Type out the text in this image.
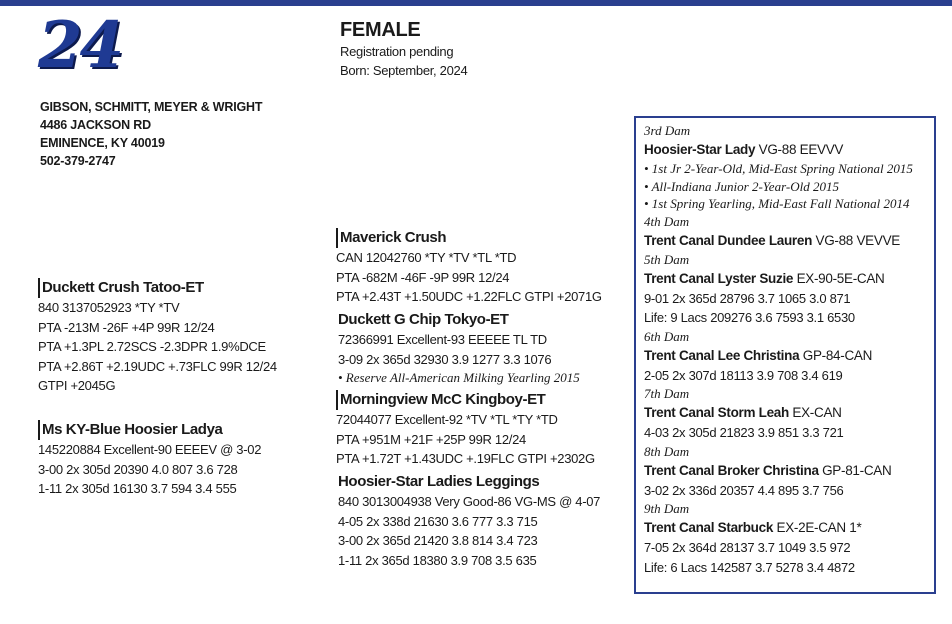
24	FEMALE
Registration pending
Born: September, 2024
GIBSON, SCHMITT, MEYER & WRIGHT
4486 JACKSON RD
EMINENCE, KY 40019
502-379-2747
Duckett Crush Tatoo-ET
840 3137052923 *TY *TV
PTA -213M -26F +4P 99R 12/24
PTA +1.3PL 2.72SCS -2.3DPR 1.9%DCE
PTA +2.86T +2.19UDC +.73FLC 99R 12/24
GTPI +2045G
Ms KY-Blue Hoosier Ladya
145220884 Excellent-90 EEEEV @ 3-02
3-00 2x 305d 20390 4.0 807 3.6 728
1-11 2x 305d 16130 3.7 594 3.4 555
Maverick Crush
CAN 12042760 *TY *TV *TL *TD
PTA -682M -46F -9P 99R 12/24
PTA +2.43T +1.50UDC +1.22FLC GTPI +2071G
Duckett G Chip Tokyo-ET
72366991 Excellent-93 EEEEE TL TD
3-09 2x 365d 32930 3.9 1277 3.3 1076
• Reserve All-American Milking Yearling 2015
Morningview McC Kingboy-ET
72044077 Excellent-92 *TV *TL *TY *TD
PTA +951M +21F +25P 99R 12/24
PTA +1.72T +1.43UDC +.19FLC GTPI +2302G
Hoosier-Star Ladies Leggings
840 3013004938 Very Good-86 VG-MS @ 4-07
4-05 2x 338d 21630 3.6 777 3.3 715
3-00 2x 365d 21420 3.8 814 3.4 723
1-11 2x 365d 18380 3.9 708 3.5 635
3rd Dam
Hoosier-Star Lady VG-88 EEVVV
• 1st Jr 2-Year-Old, Mid-East Spring National 2015
• All-Indiana Junior 2-Year-Old 2015
• 1st Spring Yearling, Mid-East Fall National 2014
4th Dam
Trent Canal Dundee Lauren VG-88 VEVVE
5th Dam
Trent Canal Lyster Suzie EX-90-5E-CAN
9-01 2x 365d 28796 3.7 1065 3.0 871
Life: 9 Lacs 209276 3.6 7593 3.1 6530
6th Dam
Trent Canal Lee Christina GP-84-CAN
2-05 2x 307d 18113 3.9 708 3.4 619
7th Dam
Trent Canal Storm Leah EX-CAN
4-03 2x 305d 21823 3.9 851 3.3 721
8th Dam
Trent Canal Broker Christina GP-81-CAN
3-02 2x 336d 20357 4.4 895 3.7 756
9th Dam
Trent Canal Starbuck EX-2E-CAN 1*
7-05 2x 364d 28137 3.7 1049 3.5 972
Life: 6 Lacs 142587 3.7 5278 3.4 4872
